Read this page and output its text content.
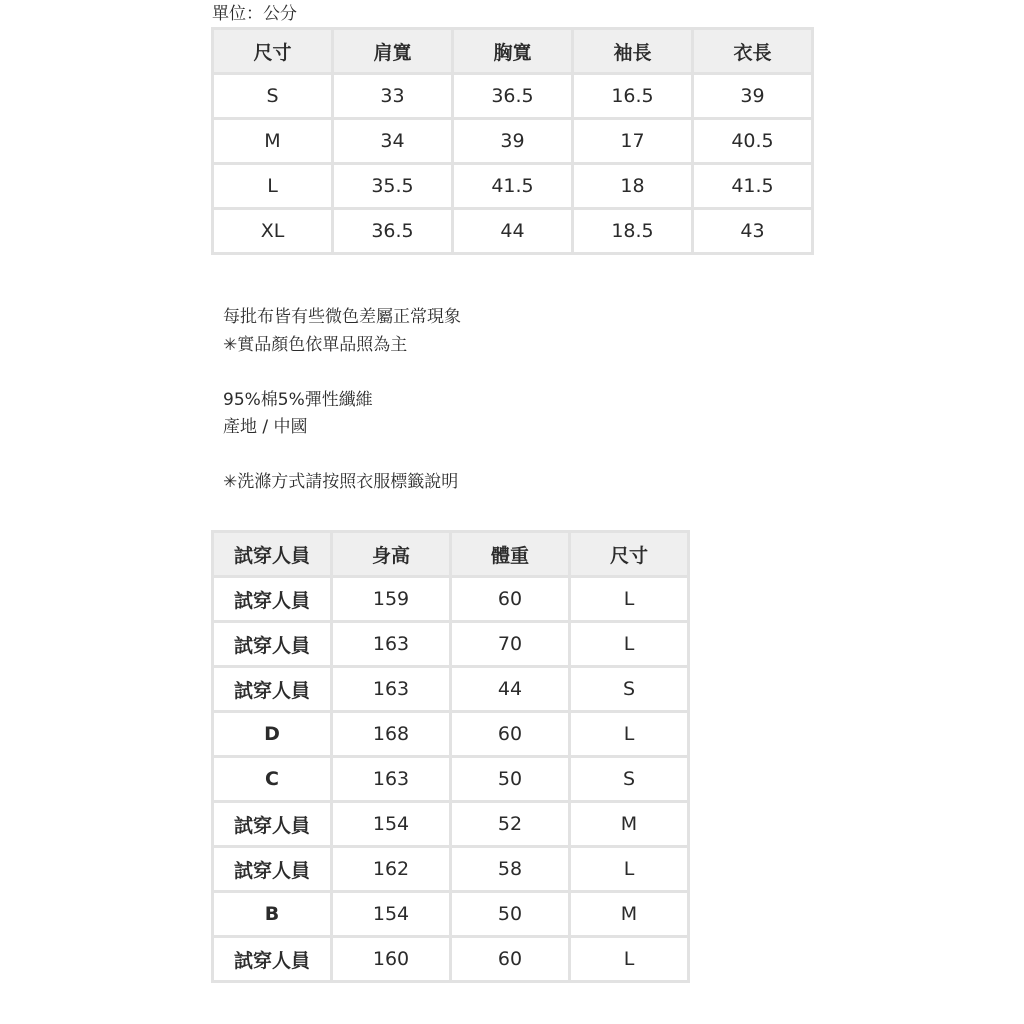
單位：公分
尺寸	肩寬	胸寬	袖長	衣長
S	33	36.5	16.5	39
M	34	39	17	40.5
L	35.5	41.5	18	41.5
XL	36.5	44	18.5	43

每批布皆有些微色差屬正常現象

✳實品顏色依單品照為主

95%棉5%彈性纖維

產地 / 中國

✳洗滌方式請按照衣服標籤說明

試穿人員	身高	體重	尺寸
試穿人員	159	60	L
試穿人員	163	70	L
試穿人員	163	44	S
D	168	60	L
C	163	50	S
試穿人員	154	52	M
試穿人員	162	58	L
B	154	50	M
試穿人員	160	60	L
